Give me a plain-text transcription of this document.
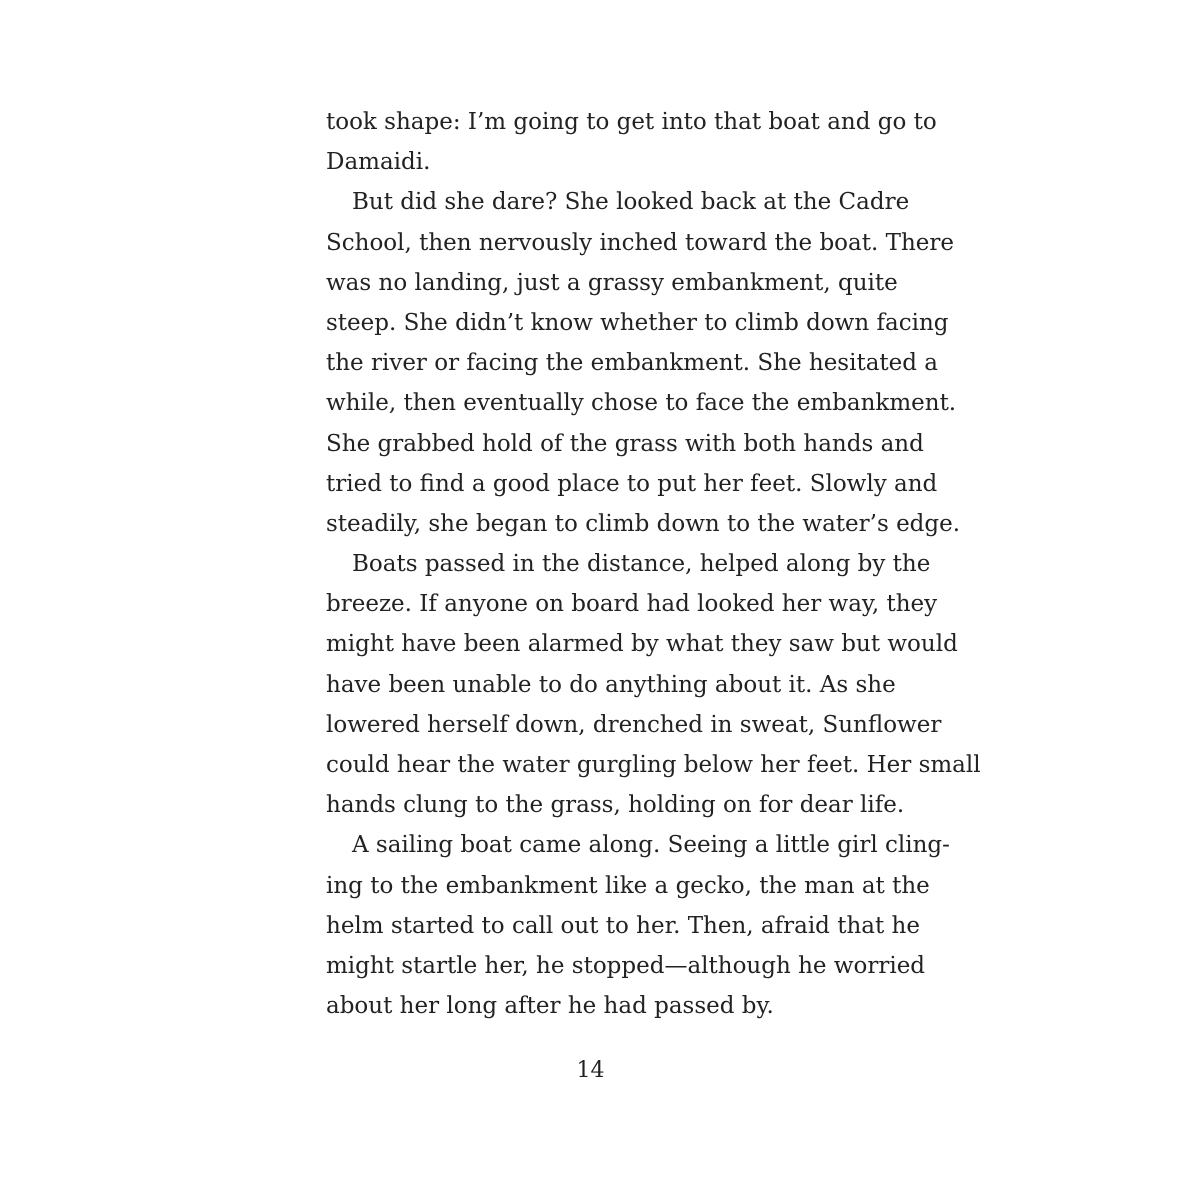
took shape: I’m going to get into that boat and go to
Damaidi.
But did she dare? She looked back at the Cadre
School, then nervously inched toward the boat. There
was no landing, just a grassy embankment, quite
steep. She didn’t know whether to climb down facing
the river or facing the embankment. She hesitated a
while, then eventually chose to face the embankment.
She grabbed hold of the grass with both hands and
tried to find a good place to put her feet. Slowly and
steadily, she began to climb down to the water’s edge.
Boats passed in the distance, helped along by the
breeze. If anyone on board had looked her way, they
might have been alarmed by what they saw but would
have been unable to do anything about it. As she
lowered herself down, drenched in sweat, Sunflower
could hear the water gurgling below her feet. Her small
hands clung to the grass, holding on for dear life.
A sailing boat came along. Seeing a little girl cling-
ing to the embankment like a gecko, the man at the
helm started to call out to her. Then, afraid that he
might startle her, he stopped—although he worried
about her long after he had passed by.
14
